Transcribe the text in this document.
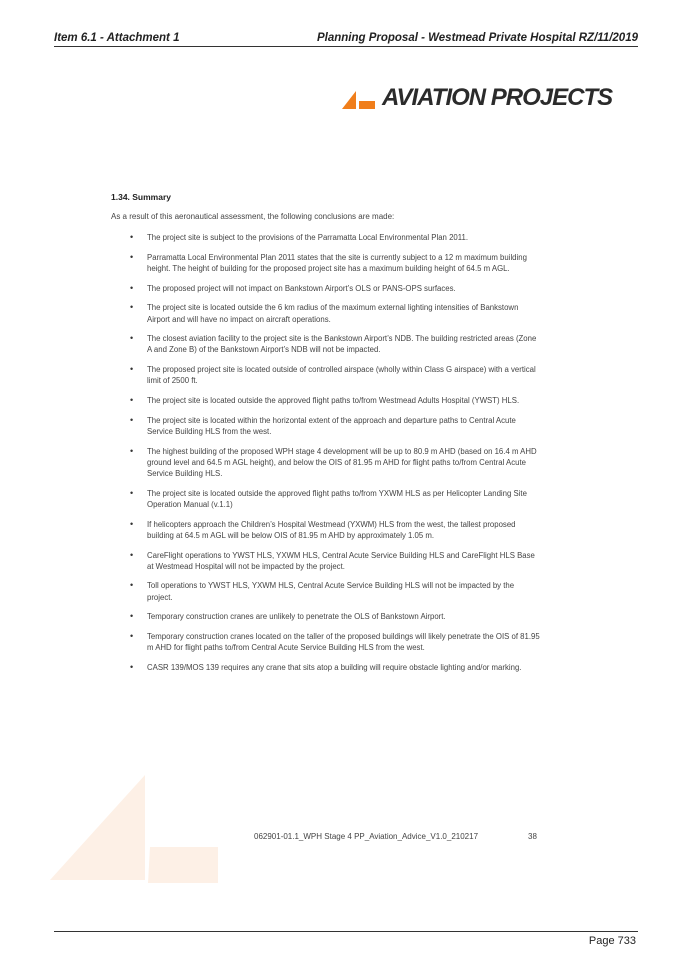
Item 6.1 - Attachment 1	Planning Proposal - Westmead Private Hospital RZ/11/2019
AVIATION PROJECTS
1.34. Summary
As a result of this aeronautical assessment, the following conclusions are made:
• The project site is subject to the provisions of the Parramatta Local Environmental Plan 2011.
• Parramatta Local Environmental Plan 2011 states that the site is currently subject to a 12 m maximum building height. The height of building for the proposed project site has a maximum building height of 64.5 m AGL.
• The proposed project will not impact on Bankstown Airport’s OLS or PANS-OPS surfaces.
• The project site is located outside the 6 km radius of the maximum external lighting intensities of Bankstown Airport and will have no impact on aircraft operations.
• The closest aviation facility to the project site is the Bankstown Airport’s NDB. The building restricted areas (Zone A and Zone B) of the Bankstown Airport’s NDB will not be impacted.
• The proposed project site is located outside of controlled airspace (wholly within Class G airspace) with a vertical limit of 2500 ft.
• The project site is located outside the approved flight paths to/from Westmead Adults Hospital (YWST) HLS.
• The project site is located within the horizontal extent of the approach and departure paths to Central Acute Service Building HLS from the west.
• The highest building of the proposed WPH stage 4 development will be up to 80.9 m AHD (based on 16.4 m AHD ground level and 64.5 m AGL height), and below the OIS of 81.95 m AHD for flight paths to/from Central Acute Service Building HLS.
• The project site is located outside the approved flight paths to/from YXWM HLS as per Helicopter Landing Site Operation Manual (v.1.1)
• If helicopters approach the Children’s Hospital Westmead (YXWM) HLS from the west, the tallest proposed building at 64.5 m AGL will be below OIS of 81.95 m AHD by approximately 1.05 m.
• CareFlight operations to YWST HLS, YXWM HLS, Central Acute Service Building HLS and CareFlight HLS Base at Westmead Hospital will not be impacted by the project.
• Toll operations to YWST HLS, YXWM HLS, Central Acute Service Building HLS will not be impacted by the project.
• Temporary construction cranes are unlikely to penetrate the OLS of Bankstown Airport.
• Temporary construction cranes located on the taller of the proposed buildings will likely penetrate the OIS of 81.95 m AHD for flight paths to/from Central Acute Service Building HLS from the west.
• CASR 139/MOS 139 requires any crane that sits atop a building will require obstacle lighting and/or marking.
062901-01.1_WPH Stage 4 PP_Aviation_Advice_V1.0_210217	38
Page 733
